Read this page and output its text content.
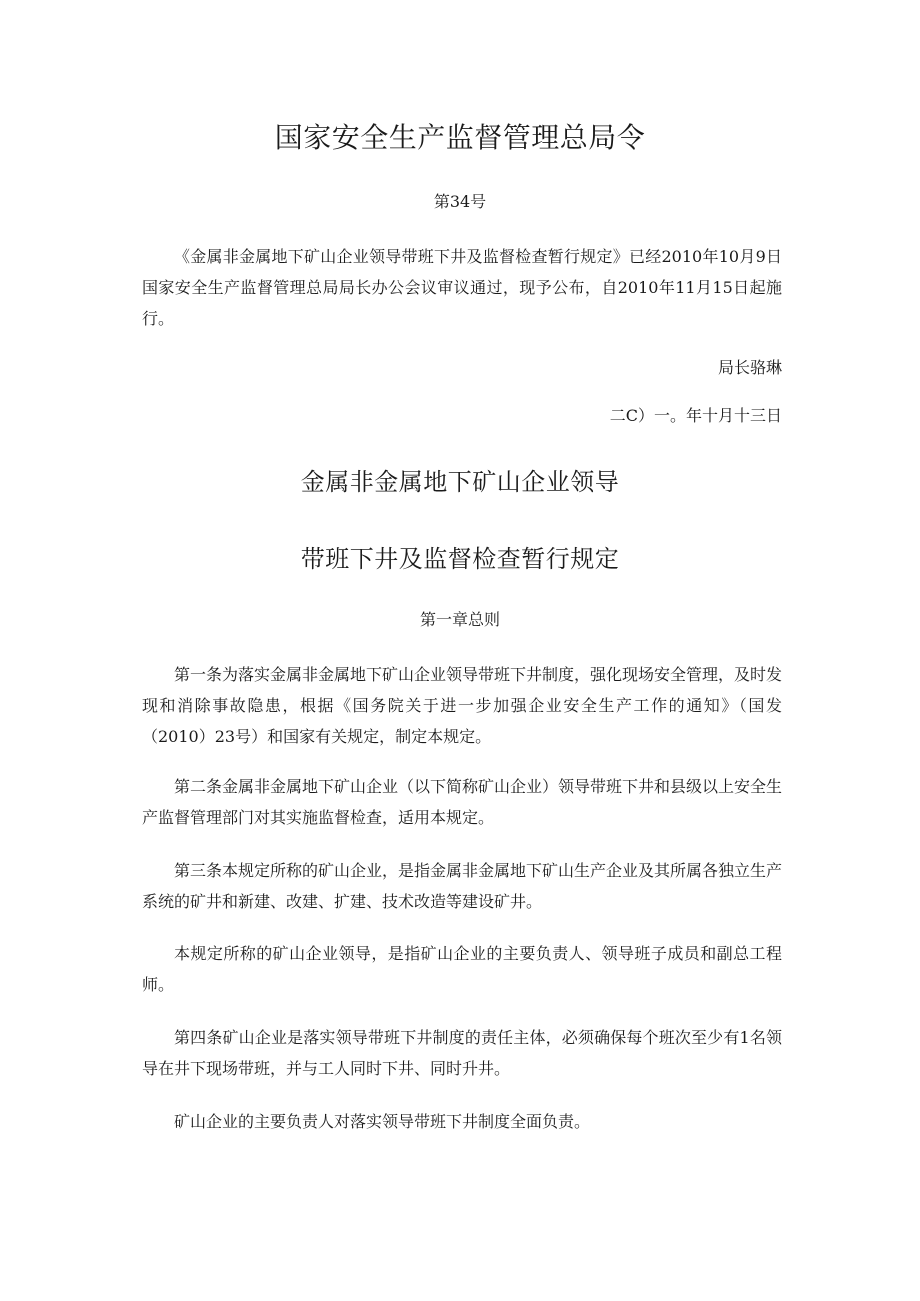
国家安全生产监督管理总局令
第34号
《金属非金属地下矿山企业领导带班下井及监督检查暂行规定》已经2010年10月9日国家安全生产监督管理总局局长办公会议审议通过，现予公布，自2010年11月15日起施行。
局长骆琳
二C）一。年十月十三日
金属非金属地下矿山企业领导
带班下井及监督检查暂行规定
第一章总则
第一条为落实金属非金属地下矿山企业领导带班下井制度，强化现场安全管理，及时发现和消除事故隐患，根据《国务院关于进一步加强企业安全生产工作的通知》（国发（2010）23号）和国家有关规定，制定本规定。
第二条金属非金属地下矿山企业（以下简称矿山企业）领导带班下井和县级以上安全生产监督管理部门对其实施监督检查，适用本规定。
第三条本规定所称的矿山企业，是指金属非金属地下矿山生产企业及其所属各独立生产系统的矿井和新建、改建、扩建、技术改造等建设矿井。
本规定所称的矿山企业领导，是指矿山企业的主要负责人、领导班子成员和副总工程师。
第四条矿山企业是落实领导带班下井制度的责任主体，必须确保每个班次至少有1名领导在井下现场带班，并与工人同时下井、同时升井。
矿山企业的主要负责人对落实领导带班下井制度全面负责。
